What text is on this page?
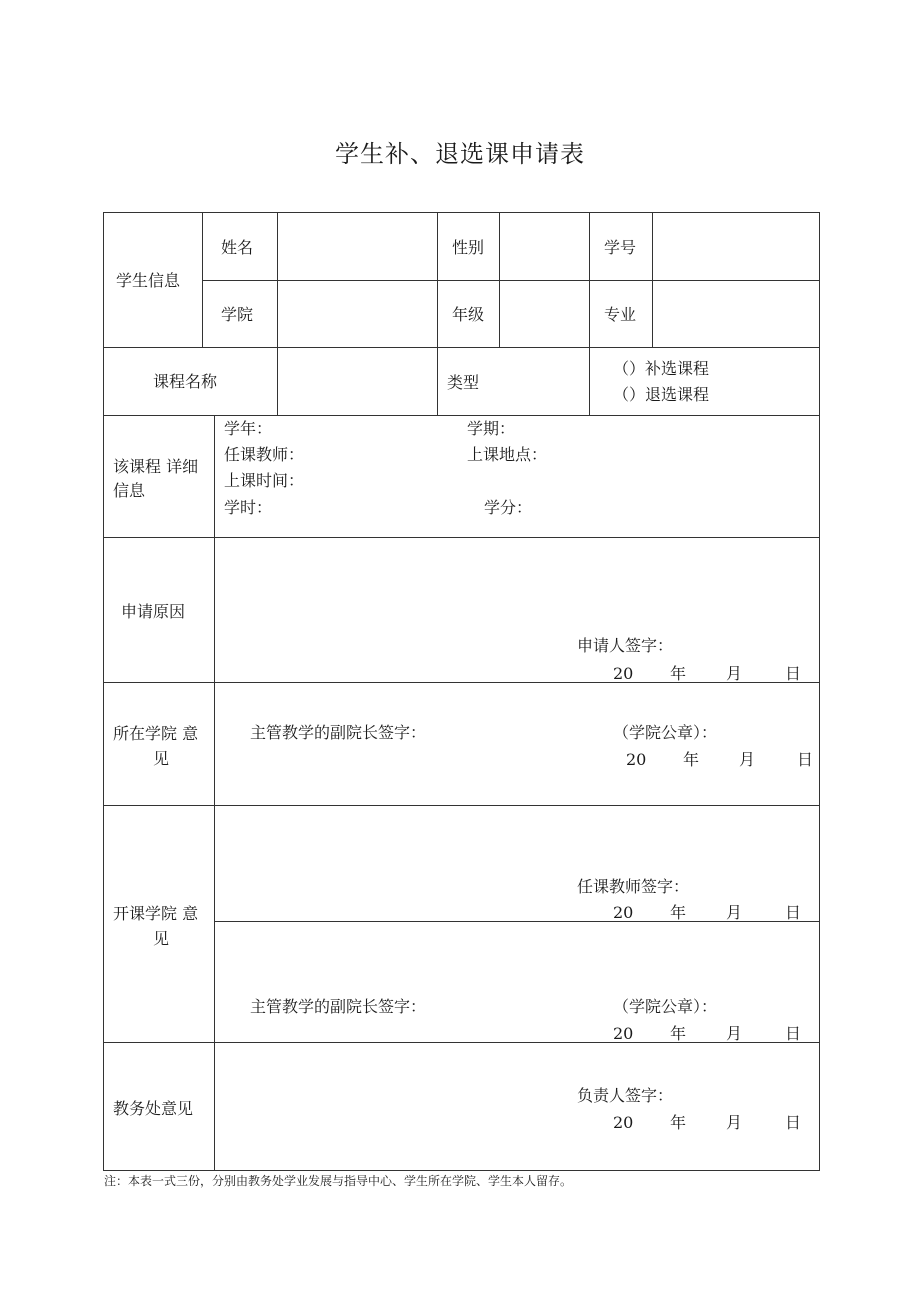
学生补、退选课申请表
学生信息
姓名	性别	学号
学院	年级	专业
课程名称	类型
（）补选课程
（）退选课程
该课程 详细
信息
学年：	学期：
任课教师：	上课地点：
上课时间：
学时：	学分：
申请原因
申请人签字：
20 年 月	日
所在学院 意
见
主管教学的副院长签字：	（学院公章）：
20 年 月	日
开课学院 意
见
任课教师签字：
20 年 月	日
主管教学的副院长签字：	（学院公章）：
20 年 月	日
教务处意见
负责人签字：
20 年 月	日
注：本表一式三份，分别由教务处学业发展与指导中心、学生所在学院、学生本人留存。
